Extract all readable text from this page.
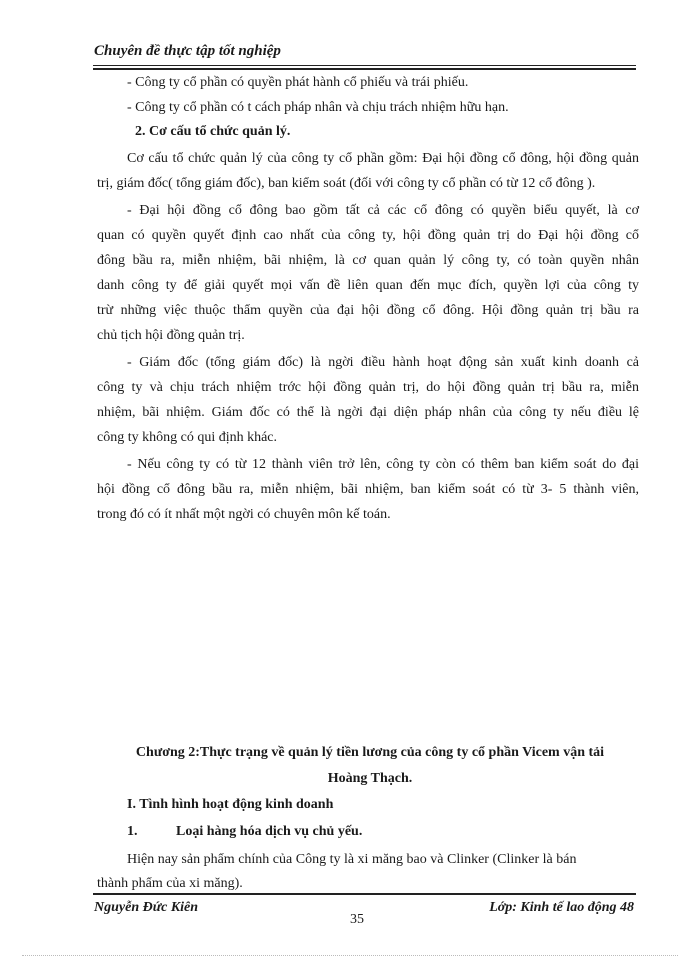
Chuyên đề thực tập tốt nghiệp
- Công ty cổ phần có quyền phát hành cổ phiếu và trái phiếu.
- Công ty cổ phần có t cách pháp nhân và chịu trách nhiệm hữu hạn.
2. Cơ cấu tổ chức quản lý.
Cơ cấu tổ chức quản lý của công ty cổ phần gồm: Đại hội đồng cổ đông, hội đồng quản
trị, giám đốc( tổng giám đốc), ban kiểm soát (đối với công ty cổ phần có từ 12 cổ đông ).
- Đại hội đồng cổ đông bao gồm tất cả các cổ đông có quyền biểu quyết, là cơ
quan có quyền quyết định cao nhất của công ty, hội đồng quản trị do Đại hội đồng cổ
đông bầu ra, miễn nhiệm, bãi nhiệm, là cơ quan quản lý công ty, có toàn quyền nhân
danh công ty để giải quyết mọi vấn đề liên quan đến mục đích, quyền lợi của công ty
trừ những việc thuộc thẩm quyền của đại hội đồng cổ đông. Hội đồng quản trị bầu ra
chủ tịch hội đồng quản trị.
- Giám đốc (tổng giám đốc) là ngời điều hành hoạt động sản xuất kinh doanh cả
công ty và chịu trách nhiệm trớc hội đồng quản trị, do hội đồng quản trị bầu ra, miễn
nhiệm, bãi nhiệm. Giám đốc có thể là ngời đại diện pháp nhân của công ty nếu điều lệ
công ty không có qui định khác.
- Nếu công ty có từ 12 thành viên trở lên, công ty còn có thêm ban kiểm soát do đại
hội đồng cổ đông bầu ra, miễn nhiệm, bãi nhiệm, ban kiểm soát có từ 3- 5 thành viên,
trong đó có ít nhất một ngời có chuyên môn kế toán.
Chương 2:Thực trạng về quản lý tiền lương của công ty cổ phần Vicem vận tải
Hoàng Thạch.
I. Tình hình hoạt động kinh doanh
1.	Loại hàng hóa dịch vụ chủ yếu.
Hiện nay sản phẩm chính của Công ty là xi măng bao và Clinker (Clinker là bán
thành phẩm của xi măng).
Nguyễn Đức Kiên	Lớp: Kinh tế lao động 48
35
